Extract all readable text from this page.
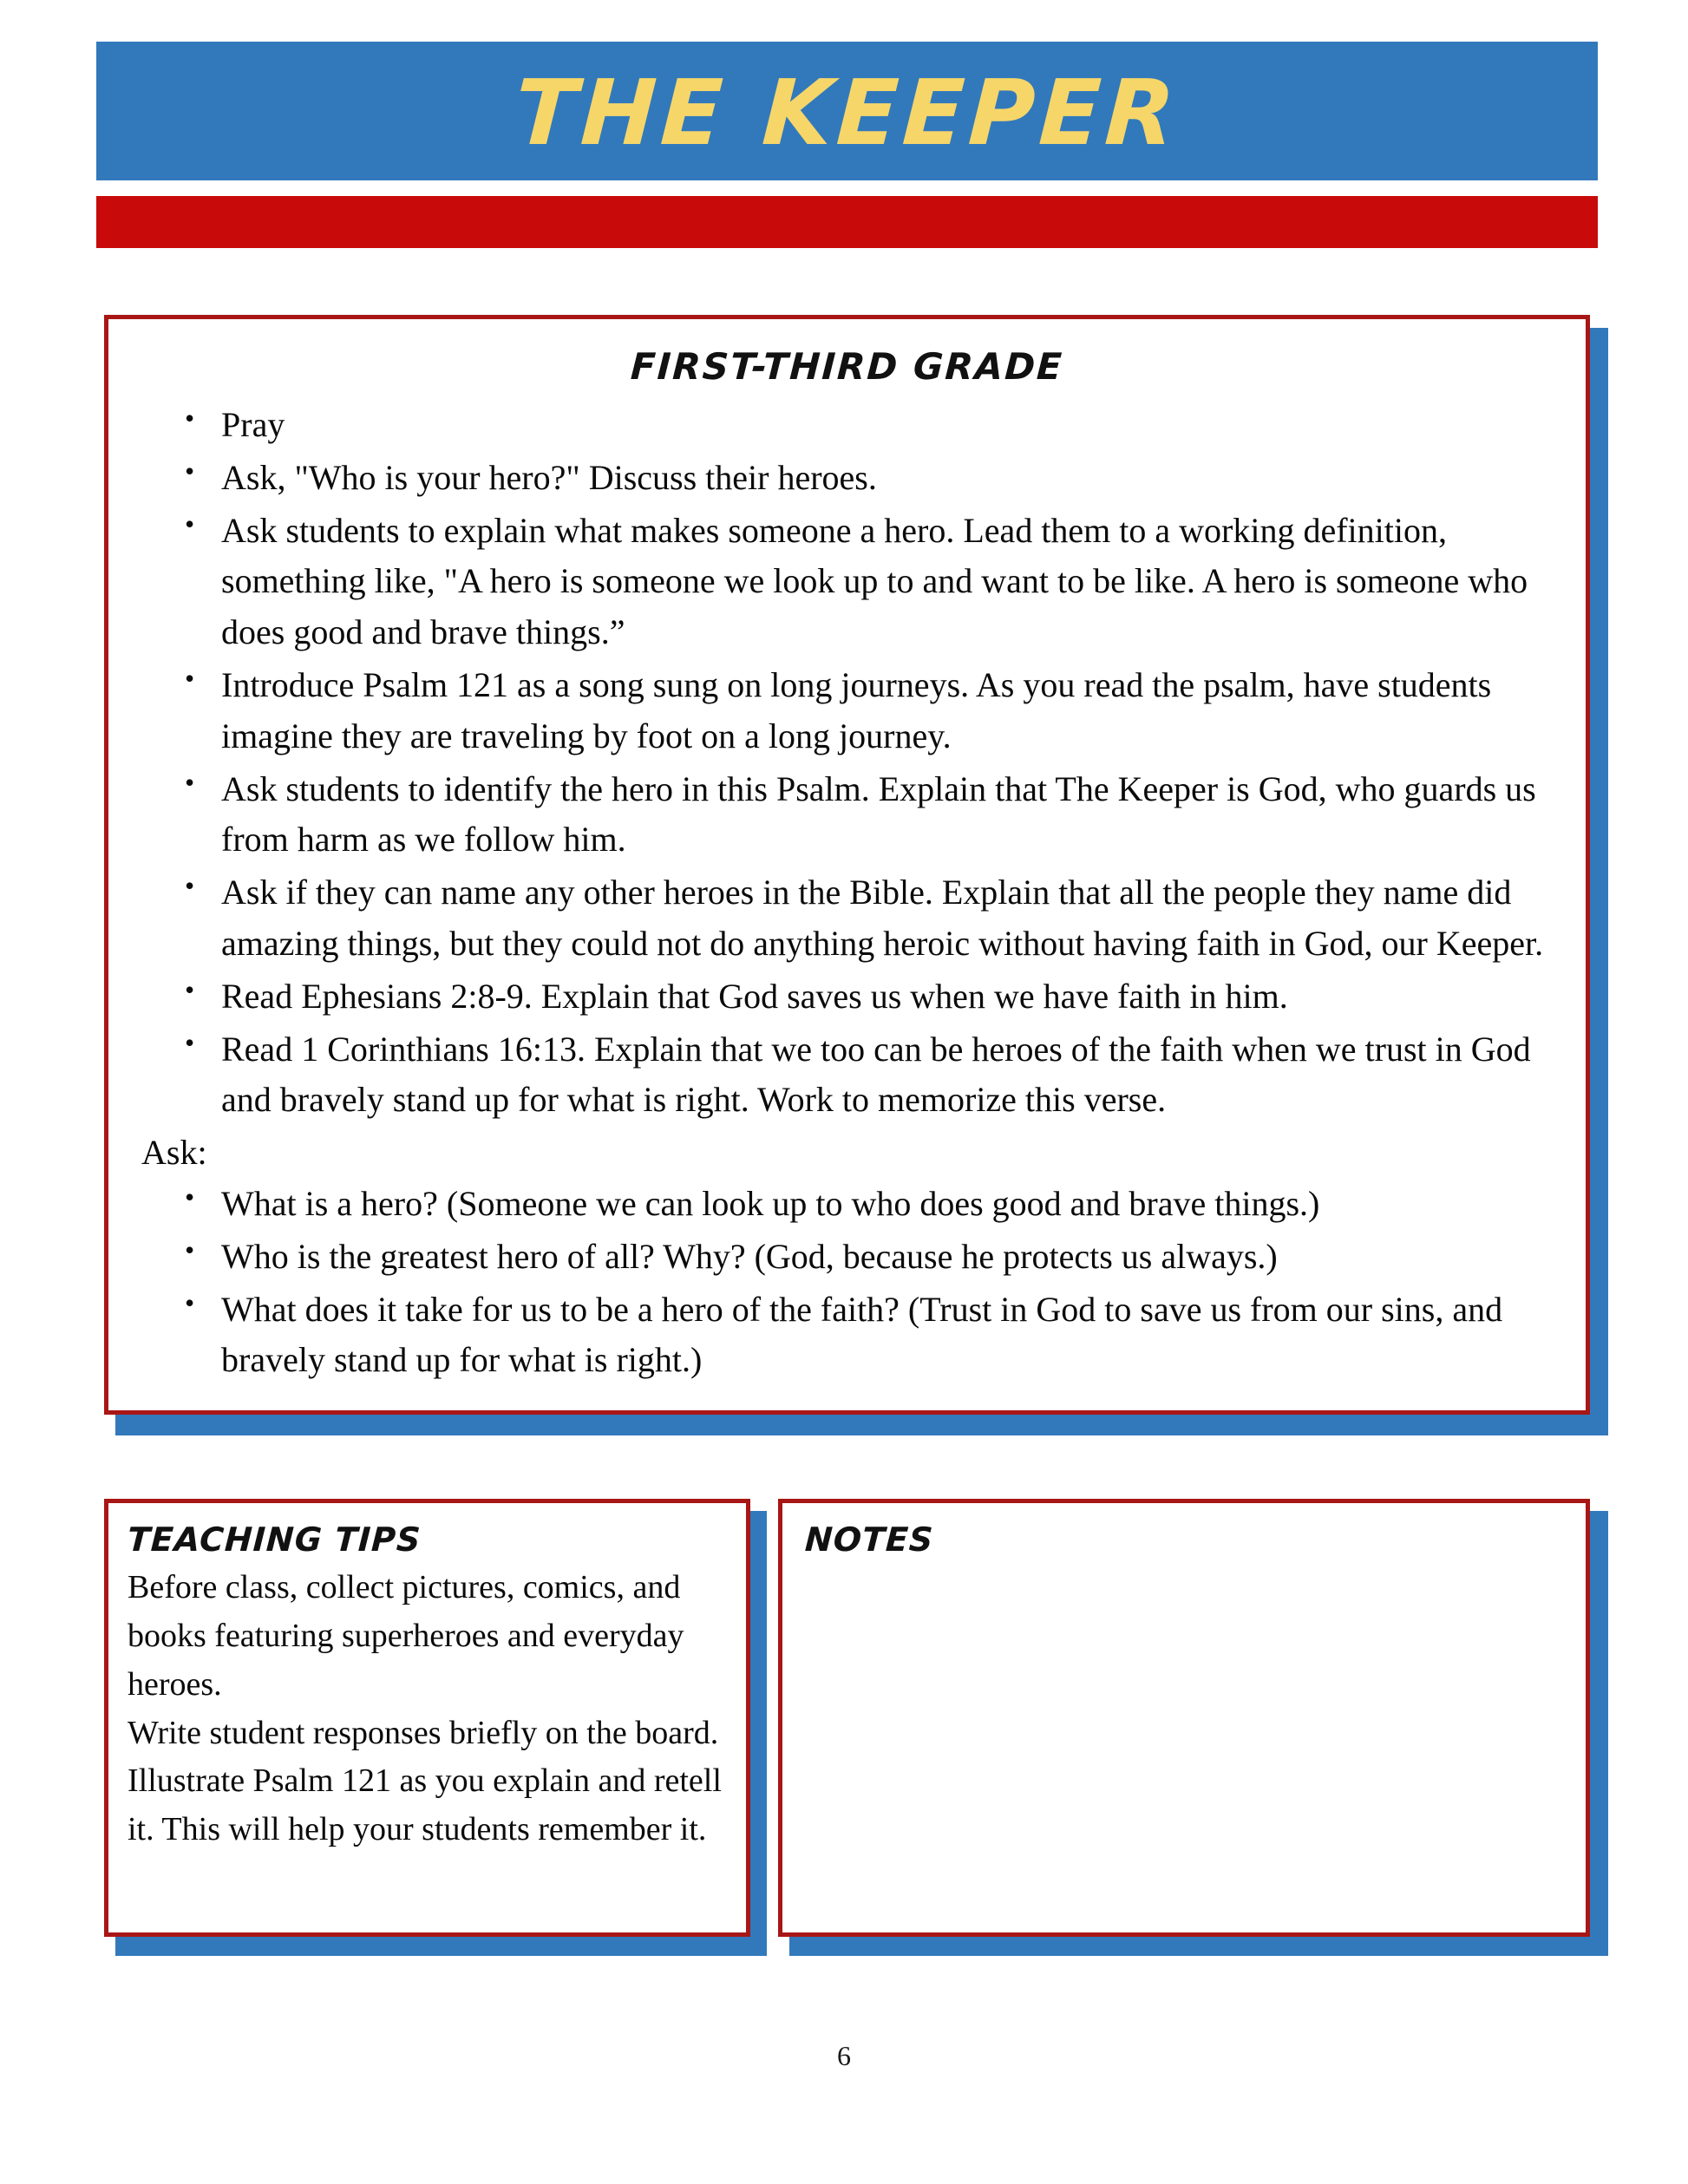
THE KEEPER
FIRST-THIRD GRADE
• Pray
• Ask, "Who is your hero?" Discuss their heroes.
• Ask students to explain what makes someone a hero. Lead them to a working definition, something like, "A hero is someone we look up to and want to be like. A hero is someone who does good and brave things.”
• Introduce Psalm 121 as a song sung on long journeys. As you read the psalm, have students imagine they are traveling by foot on a long journey.
• Ask students to identify the hero in this Psalm. Explain that The Keeper is God, who guards us from harm as we follow him.
• Ask if they can name any other heroes in the Bible. Explain that all the people they name did amazing things, but they could not do anything heroic without having faith in God, our Keeper.
• Read Ephesians 2:8-9. Explain that God saves us when we have faith in him.
• Read 1 Corinthians 16:13. Explain that we too can be heroes of the faith when we trust in God and bravely stand up for what is right. Work to memorize this verse.
Ask:
• What is a hero? (Someone we can look up to who does good and brave things.)
• Who is the greatest hero of all? Why? (God, because he protects us always.)
• What does it take for us to be a hero of the faith? (Trust in God to save us from our sins, and bravely stand up for what is right.)
TEACHING TIPS

Before class, collect pictures, comics, and books featuring superheroes and everyday heroes.

Write student responses briefly on the board. Illustrate Psalm 121 as you explain and retell it. This will help your students remember it.

NOTES
6
